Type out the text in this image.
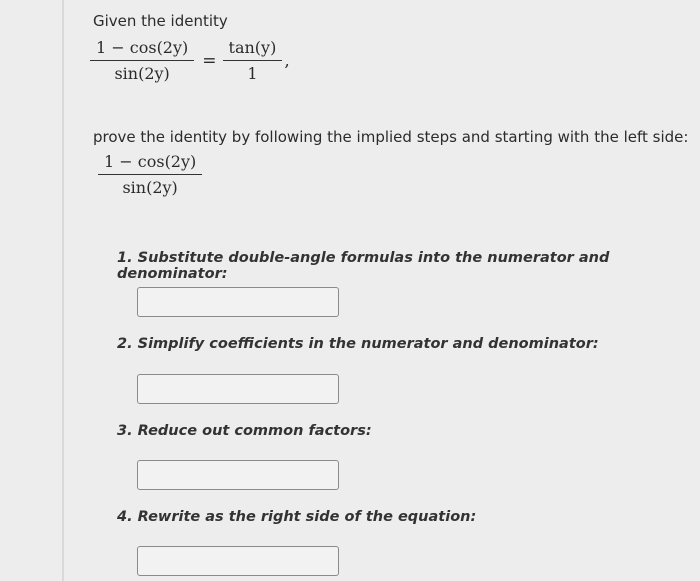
Given the identity
$\frac{1 - \cos(2y)}{\sin(2y)} = \frac{\tan(y)}{1}$ ,
prove the identity by following the implied steps and starting with the left side:
$\frac{1 - \cos(2y)}{\sin(2y)}$
1. Substitute double-angle formulas into the numerator and denominator:
2. Simplify coefficients in the numerator and denominator:
3. Reduce out common factors:
4. Rewrite as the right side of the equation:
